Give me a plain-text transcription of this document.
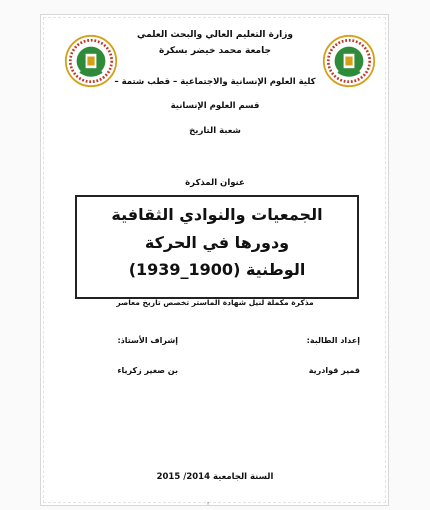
وزارة التعليم العالي والبحث العلمي
جامعة محمد خيضر بسكرة
كلية العلوم الإنسانية والاجتماعية – قطب شتمة –
قسم العلوم الإنسانية
شعبة التاريخ
عنوان المذكرة
الجمعيات والنوادي الثقافية
ودورها في الحركة
الوطنية (1900_1939)
مذكرة مكملة لنيل شهادة الماستر تخصص تاريخ معاصر
إعداد الطالبة:
إشراف الأستاذ:
قمير قوادرية
بن صغير زكرياء
السنة الجامعية 2014/ 2015
◦
